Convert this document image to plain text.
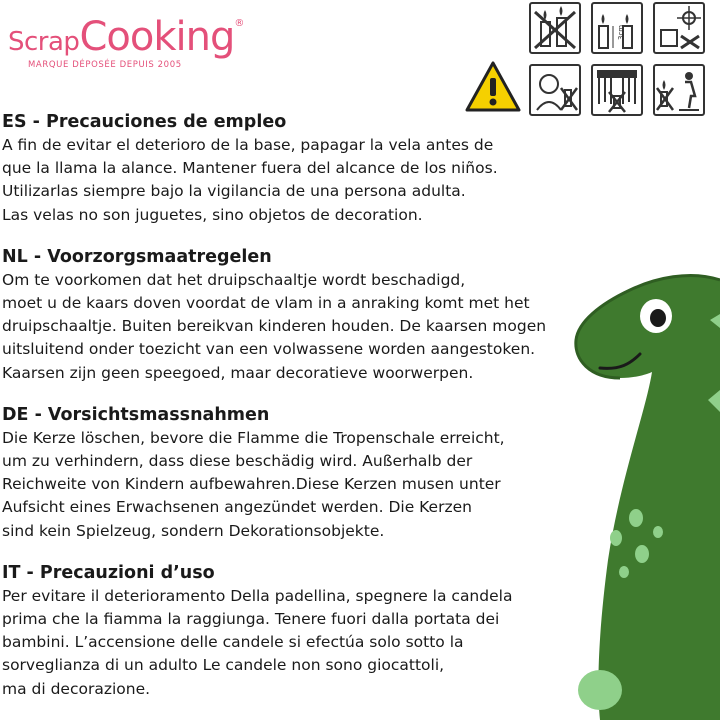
ScrapCooking®
MARQUE DÉPOSÉE DEPUIS 2005
3cm
ES - Precauciones de empleo

A fin de evitar el deterioro de la base, papagar la vela antes de
que la llama la alance. Mantener fuera del alcance de los niños.
Utilizarlas siempre bajo la vigilancia de una persona adulta.
Las velas no son juguetes, sino objetos de decoration.

NL - Voorzorgsmaatregelen

Om te voorkomen dat het druipschaaltje wordt beschadigd,
moet u de kaars doven voordat de vlam in a anraking komt met het
druipschaaltje. Buiten bereikvan kinderen houden. De kaarsen mogen
uitsluitend onder toezicht van een volwassene worden aangestoken.
Kaarsen zijn geen speegoed, maar decoratieve woorwerpen.

DE - Vorsichtsmassnahmen

Die Kerze löschen, bevore die Flamme die Tropenschale erreicht,
um zu verhindern, dass diese beschädig wird. Außerhalb der
Reichweite von Kindern aufbewahren.Diese Kerzen musen unter
Aufsicht eines Erwachsenen angezündet werden. Die Kerzen
sind kein Spielzeug, sondern Dekorationsobjekte.

IT - Precauzioni d’uso

Per evitare il deterioramento Della padellina, spegnere la candela
prima che la fiamma la raggiunga. Tenere fuori dalla portata dei
bambini. L’accensione delle candele si efectúa solo sotto la
sorveglianza di un adulto Le candele non sono giocattoli,
ma di decorazione.
